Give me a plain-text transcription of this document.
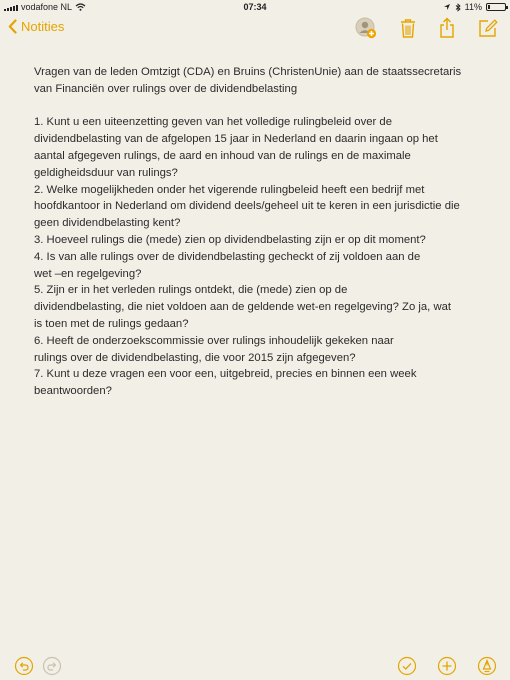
vodafone NL	07:34	11%
Notities

Vragen van de leden Omtzigt (CDA) en Bruins (ChristenUnie) aan de staatssecretaris

van Financiën over rulings over de dividendbelasting

1. Kunt u een uiteenzetting geven van het volledige rulingbeleid over de

dividendbelasting van de afgelopen 15 jaar in Nederland en daarin ingaan op het

aantal afgegeven rulings, de aard en inhoud van de rulings en de maximale

geldigheidsduur van rulings?

2. Welke mogelijkheden onder het vigerende rulingbeleid heeft een bedrijf met

hoofdkantoor in Nederland om dividend deels/geheel uit te keren in een jurisdictie die

geen dividendbelasting kent?

3. Hoeveel rulings die (mede) zien op dividendbelasting zijn er op dit moment?

4. Is van alle rulings over de dividendbelasting gecheckt of zij voldoen aan de

wet –en regelgeving?

5. Zijn er in het verleden rulings ontdekt, die (mede) zien op de

dividendbelasting, die niet voldoen aan de geldende wet-en regelgeving? Zo ja, wat

is toen met de rulings gedaan?

6. Heeft de onderzoekscommissie over rulings inhoudelijk gekeken naar

rulings over de dividendbelasting, die voor 2015 zijn afgegeven?

7. Kunt u deze vragen een voor een, uitgebreid, precies en binnen een week

beantwoorden?
